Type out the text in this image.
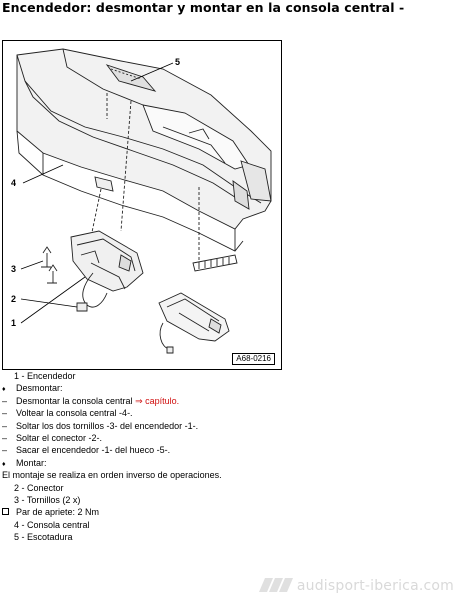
Encendedor: desmontar y montar en la consola central -
5
4
3
2
1
A68-0216
1 - Encendedor
♦	Desmontar:
– Desmontar la consola central ⇒ capítulo.
– Voltear la consola central -4-.
– Soltar los dos tornillos -3- del encendedor -1-.
– Soltar el conector -2-.
– Sacar el encendedor -1- del hueco -5-.
♦	Montar:
El montaje se realiza en orden inverso de operaciones.
2 - Conector
3 - Tornillos (2 x)
Par de apriete: 2 Nm
4 - Consola central
5 - Escotadura
audisport-iberica.com
